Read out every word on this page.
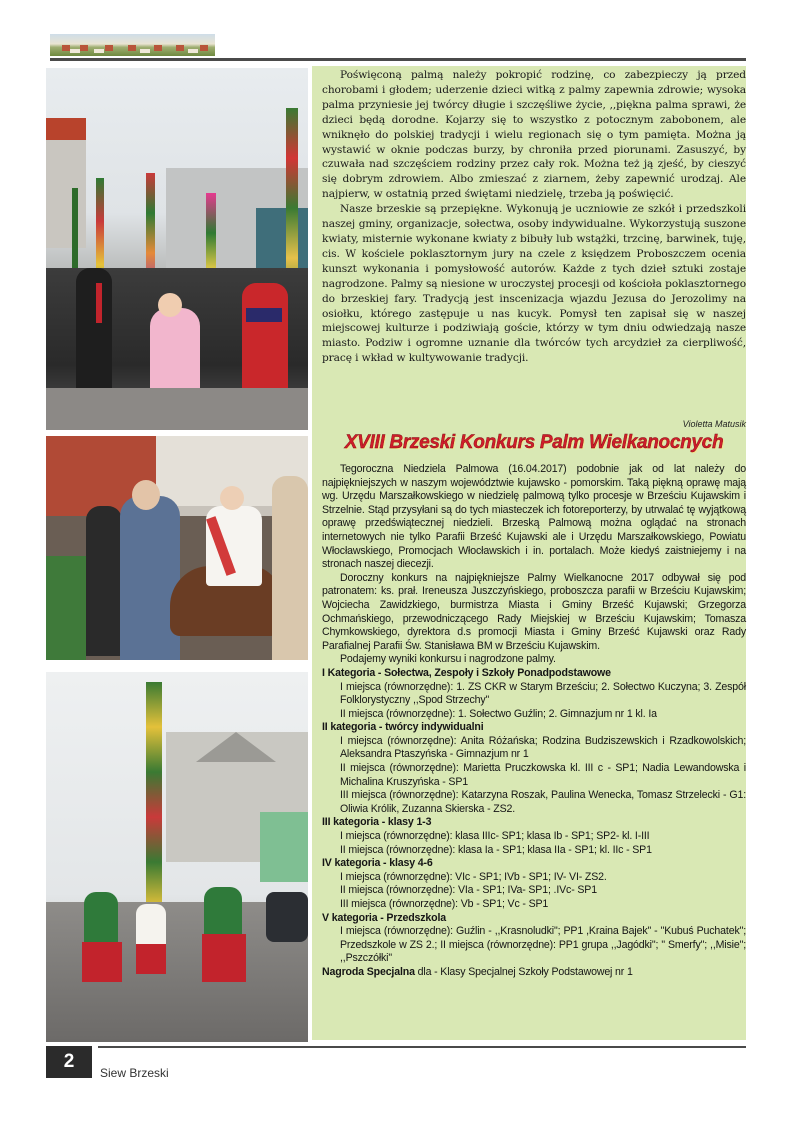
Poświęconą palmą należy pokropić rodzinę, co zabezpieczy ją przed chorobami i głodem; uderzenie dzieci witką z palmy zapewnia zdrowie; wysoka palma przyniesie jej twórcy długie i szczęśliwe życie, ,,piękna palma sprawi, że dzieci będą dorodne. Kojarzy się to wszystko z potocznym zabobonem, ale wniknęło do polskiej tradycji i wielu regionach się o tym pamięta. Można ją wystawić w oknie podczas burzy, by chroniła przed piorunami. Zasuszyć, by czuwała nad szczęściem rodziny przez cały rok. Można też ją zjeść, by cieszyć się dobrym zdrowiem. Albo zmieszać z ziarnem, żeby zapewnić urodzaj. Ale najpierw, w ostatnią przed świętami niedzielę, trzeba ją poświęcić.

Nasze brzeskie są przepiękne. Wykonują je uczniowie ze szkół i przedszkoli naszej gminy, organizacje, sołectwa, osoby indywidualne. Wykorzystują suszone kwiaty, misternie wykonane kwiaty z bibuły lub wstążki, trzcinę, barwinek, tuję, cis. W kościele poklasztornym jury na czele z księdzem Proboszczem ocenia kunszt wykonania i pomysłowość autorów. Każde z tych dzieł sztuki zostaje nagrodzone. Palmy są niesione w uroczystej procesji od kościoła poklasztornego do brzeskiej fary. Tradycją jest inscenizacja wjazdu Jezusa do Jerozolimy na osiołku, którego zastępuje u nas kucyk. Pomysł ten zapisał się w naszej miejscowej kulturze i podziwiają goście, którzy w tym dniu odwiedzają nasze miasto. Podziw i ogromne uznanie dla twórców tych arcydzieł za cierpliwość, pracę i wkład w kultywowanie tradycji.

Violetta Matusik
XVIII Brzeski Konkurs Palm Wielkanocnych

Tegoroczna Niedziela Palmowa (16.04.2017) podobnie jak od lat należy do najpiękniejszych w naszym województwie kujawsko - pomorskim. Taką piękną oprawę mają wg. Urzędu Marszałkowskiego w niedzielę palmową tylko procesje w Brześciu Kujawskim i Strzelnie. Stąd przysyłani są do tych miasteczek ich fotoreporterzy, by utrwalać tę wyjątkową oprawę przedświątecznej niedzieli. Brzeską Palmową można oglądać na stronach internetowych nie tylko Parafii Brześć Kujawski ale i Urzędu Marszałkowskiego, Powiatu Włocławskiego, Promocjach Włocławskich i in. portalach. Może kiedyś zaistniejemy i na stronach naszej diecezji.

Doroczny konkurs na najpiękniejsze Palmy Wielkanocne 2017 odbywał się pod patronatem: ks. prał. Ireneusza Juszczyńskiego, proboszcza parafii w Brześciu Kujawskim; Wojciecha Zawidzkiego, burmistrza Miasta i Gminy Brześć Kujawski; Grzegorza Ochmańskiego, przewodniczącego Rady Miejskiej w Brześciu Kujawskim; Tomasza Chymkowskiego, dyrektora d.s promocji Miasta i Gminy Brześć Kujawski oraz Rady Parafialnej Parafii Św. Stanisława BM w Brześciu Kujawskim.

Podajemy wyniki konkursu i nagrodzone palmy.

I Kategoria - Sołectwa, Zespoły i Szkoły Ponadpodstawowe
I miejsca (równorzędne): 1. ZS CKR w Starym Brześciu; 2. Sołectwo Kuczyna; 3. Zespół Folklorystyczny ,,Spod Strzechy"
II miejsca (równorzędne): 1. Sołectwo Guźlin; 2. Gimnazjum nr 1 kl. Ia
II kategoria - twórcy indywidualni
I miejsca (równorzędne): Anita Różańska; Rodzina Budziszewskich i Rzadkowolskich; Aleksandra Ptaszyńska - Gimnazjum nr 1
II miejsca (równorzędne): Marietta Pruczkowska kl. III c - SP1; Nadia Lewandowska i Michalina Kruszyńska - SP1
III miejsca (równorzędne): Katarzyna Roszak, Paulina Wenecka, Tomasz Strzelecki - G1: Oliwia Królik, Zuzanna Skierska - ZS2.
III kategoria - klasy 1-3
I miejsca (równorzędne): klasa IIIc- SP1; klasa Ib - SP1; SP2- kl. I-III
II miejsca (równorzędne): klasa Ia - SP1; klasa IIa - SP1; kl. IIc - SP1
IV kategoria - klasy 4-6
I miejsca (równorzędne): VIc - SP1; IVb - SP1; IV- VI- ZS2.
II miejsca (równorzędne): VIa - SP1; IVa- SP1; .IVc- SP1
III miejsca (równorzędne): Vb - SP1; Vc - SP1
V kategoria - Przedszkola
I miejsca (równorzędne): Guźlin - ,,Krasnoludki"; PP1 ,Kraina Bajek" - "Kubuś Puchatek"; Przedszkole w ZS 2.; II miejsca (równorzędne): PP1 grupa ,,Jagódki"; " Smerfy"; ,,Misie"; ,,Pszczółki"
Nagroda Specjalna dla - Klasy Specjalnej Szkoły Podstawowej nr 1
2
Siew Brzeski
